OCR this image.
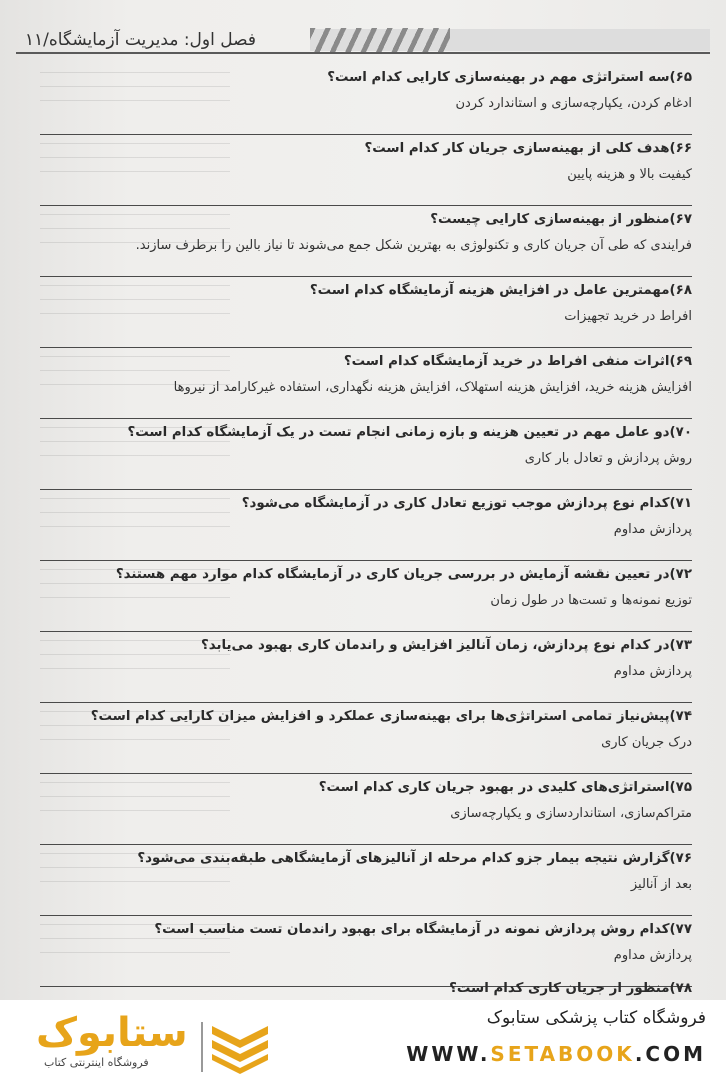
فصل اول: مدیریت آزمایشگاه/۱۱
۶۵)سه استراتژی مهم در بهینه‌سازی کارایی کدام است؟
ادغام کردن، یکپارچه‌سازی و استاندارد کردن
۶۶)هدف کلی از بهینه‌سازی جریان کار کدام است؟
کیفیت بالا و هزینه پایین
۶۷)منظور از بهینه‌سازی کارایی چیست؟
فرایندی که طی آن جریان کاری و تکنولوژی به بهترین شکل جمع می‌شوند تا نیاز بالین را برطرف سازند.
۶۸)مهمترین عامل در افزایش هزینه آزمایشگاه کدام است؟
افراط در خرید تجهیزات
۶۹)اثرات منفی افراط در خرید آزمایشگاه کدام است؟
افزایش هزینه خرید، افزایش هزینه استهلاک، افزایش هزینه نگهداری، استفاده غیرکارامد از نیروها
۷۰)دو عامل مهم در تعیین هزینه و بازه زمانی انجام تست در یک آزمایشگاه کدام است؟
روش پردازش و تعادل بار کاری
۷۱)کدام نوع پردازش موجب توزیع تعادل کاری در آزمایشگاه می‌شود؟
پردازش مداوم
۷۲)در تعیین نقشه آزمایش در بررسی جریان کاری در آزمایشگاه کدام موارد مهم هستند؟
توزیع نمونه‌ها و تست‌ها در طول زمان
۷۳)در کدام نوع پردازش، زمان آنالیز افزایش و راندمان کاری بهبود می‌یابد؟
پردازش مداوم
۷۴)پیش‌نیاز تمامی استراتژی‌ها برای بهینه‌سازی عملکرد و افزایش میزان کارایی کدام است؟
درک جریان کاری
۷۵)استراتژی‌های کلیدی در بهبود جریان کاری کدام است؟
متراکم‌سازی، استانداردسازی و یکپارچه‌سازی
۷۶)گزارش نتیجه بیمار جزو کدام مرحله از آنالیزهای آزمایشگاهی طبقه‌بندی می‌شود؟
بعد از آنالیز
۷۷)کدام روش پردازش نمونه در آزمایشگاه برای بهبود راندمان تست مناسب است؟
پردازش مداوم
۷۸)منظور از جریان کاری کدام است؟
ستابوک
فروشگاه اینترنتی کتاب
فروشگاه کتاب پزشکی ستابوک
WWW.SETABOOK.COM
